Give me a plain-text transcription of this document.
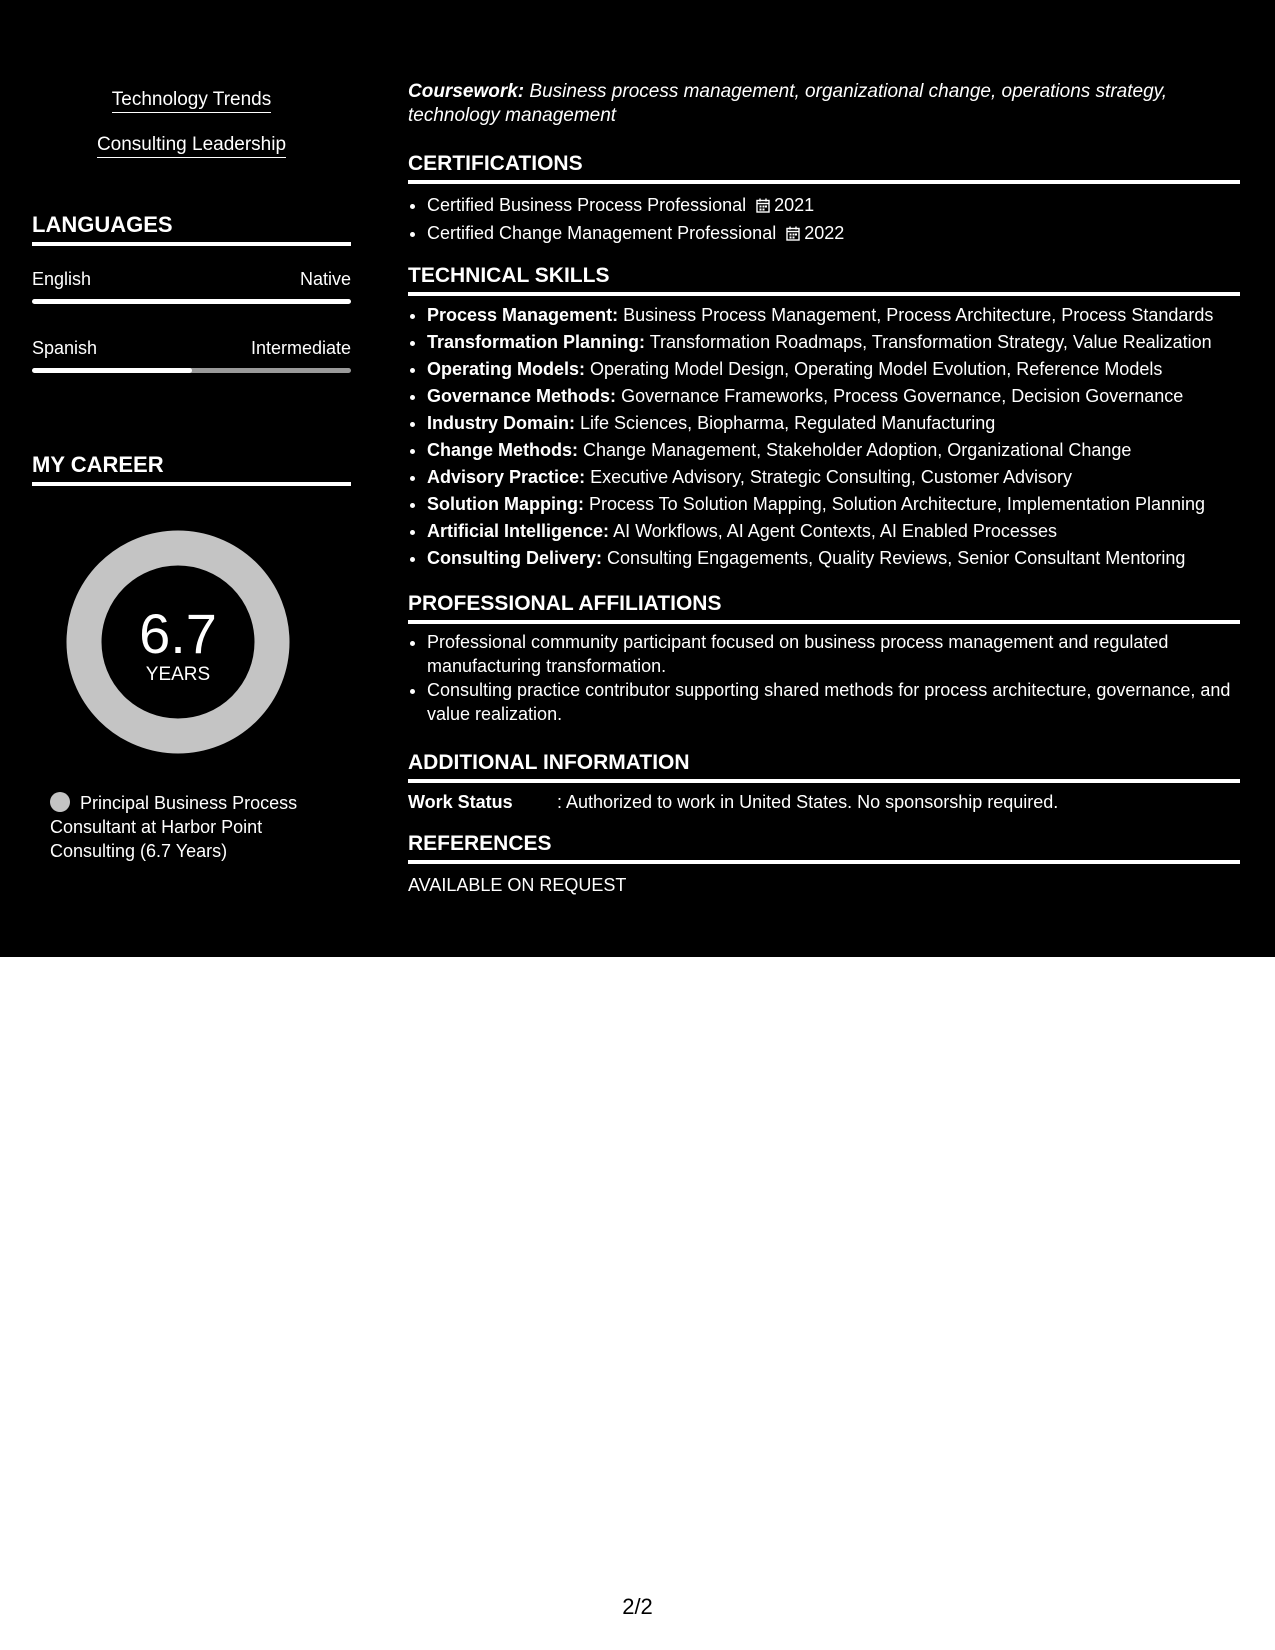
Technology Trends
Consulting Leadership
LANGUAGES
English	Native
Spanish	Intermediate
MY CAREER
6.7
YEARS
Principal Business Process Consultant at Harbor Point Consulting (6.7 Years)
Coursework: Business process management, organizational change, operations strategy, technology management
CERTIFICATIONS
• Certified Business Process Professional 2021
• Certified Change Management Professional 2022
TECHNICAL SKILLS
• Process Management: Business Process Management, Process Architecture, Process Standards
• Transformation Planning: Transformation Roadmaps, Transformation Strategy, Value Realization
• Operating Models: Operating Model Design, Operating Model Evolution, Reference Models
• Governance Methods: Governance Frameworks, Process Governance, Decision Governance
• Industry Domain: Life Sciences, Biopharma, Regulated Manufacturing
• Change Methods: Change Management, Stakeholder Adoption, Organizational Change
• Advisory Practice: Executive Advisory, Strategic Consulting, Customer Advisory
• Solution Mapping: Process To Solution Mapping, Solution Architecture, Implementation Planning
• Artificial Intelligence: AI Workflows, AI Agent Contexts, AI Enabled Processes
• Consulting Delivery: Consulting Engagements, Quality Reviews, Senior Consultant Mentoring
PROFESSIONAL AFFILIATIONS
• Professional community participant focused on business process management and regulated manufacturing transformation.
• Consulting practice contributor supporting shared methods for process architecture, governance, and value realization.
ADDITIONAL INFORMATION
Work Status : Authorized to work in United States. No sponsorship required.
REFERENCES
AVAILABLE ON REQUEST
2/2
